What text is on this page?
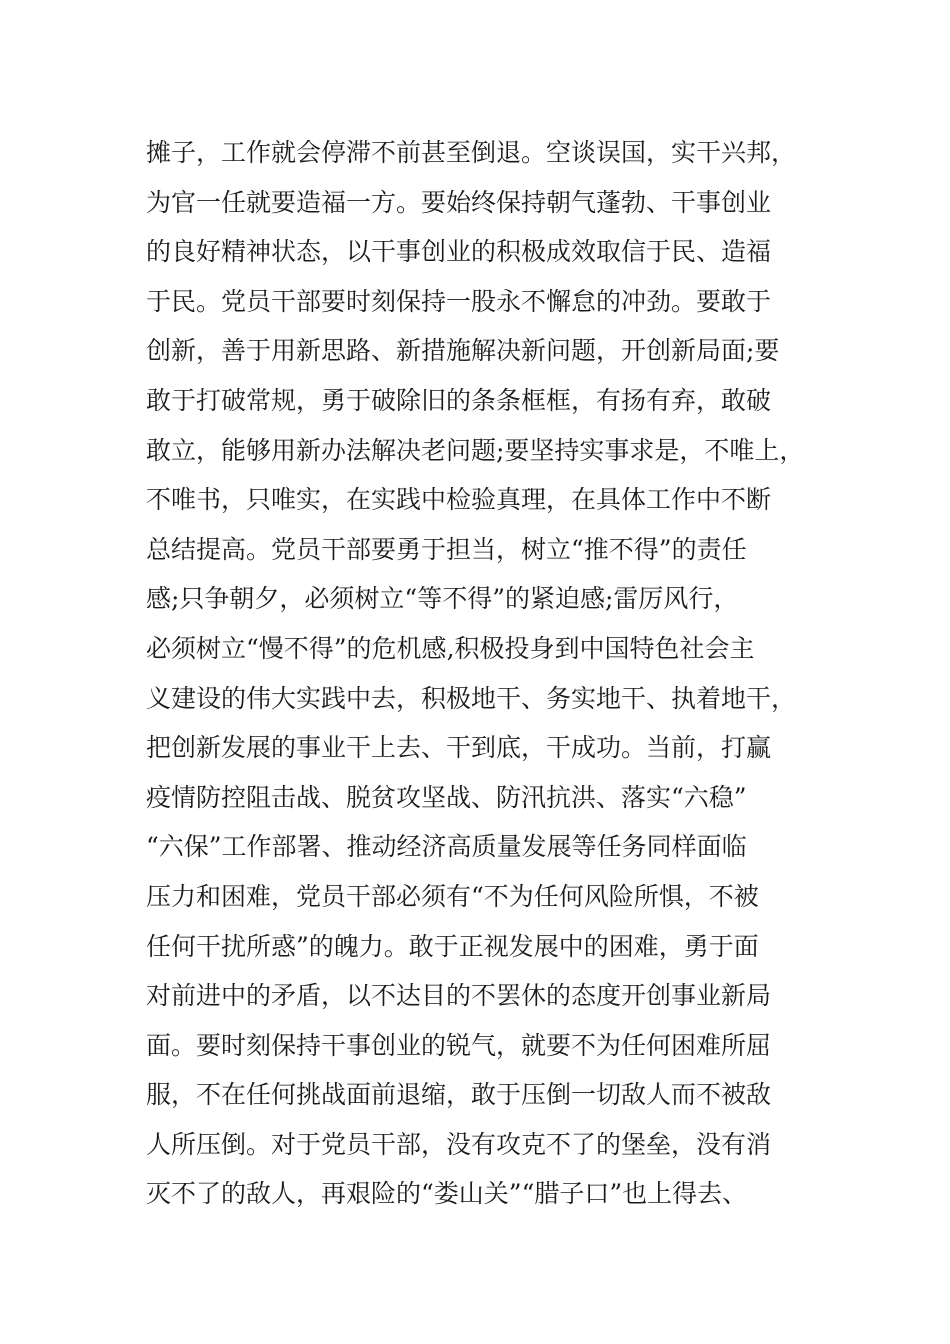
摊子，工作就会停滞不前甚至倒退。空谈误国，实干兴邦，
为官一任就要造福一方。要始终保持朝气蓬勃、干事创业
的良好精神状态，以干事创业的积极成效取信于民、造福
于民。党员干部要时刻保持一股永不懈怠的冲劲。要敢于
创新，善于用新思路、新措施解决新问题，开创新局面;要
敢于打破常规，勇于破除旧的条条框框，有扬有弃，敢破
敢立，能够用新办法解决老问题;要坚持实事求是，不唯上，
不唯书，只唯实，在实践中检验真理，在具体工作中不断
总结提高。党员干部要勇于担当，树立“推不得”的责任
感;只争朝夕，必须树立“等不得”的紧迫感;雷厉风行，
必须树立“慢不得”的危机感,积极投身到中国特色社会主
义建设的伟大实践中去，积极地干、务实地干、执着地干，
把创新发展的事业干上去、干到底，干成功。当前，打赢
疫情防控阻击战、脱贫攻坚战、防汛抗洪、落实“六稳”
“六保”工作部署、推动经济高质量发展等任务同样面临
压力和困难，党员干部必须有“不为任何风险所惧，不被
任何干扰所惑”的魄力。敢于正视发展中的困难，勇于面
对前进中的矛盾，以不达目的不罢休的态度开创事业新局
面。要时刻保持干事创业的锐气，就要不为任何困难所屈
服，不在任何挑战面前退缩，敢于压倒一切敌人而不被敌
人所压倒。对于党员干部，没有攻克不了的堡垒，没有消
灭不了的敌人，再艰险的“娄山关”“腊子口”也上得去、
